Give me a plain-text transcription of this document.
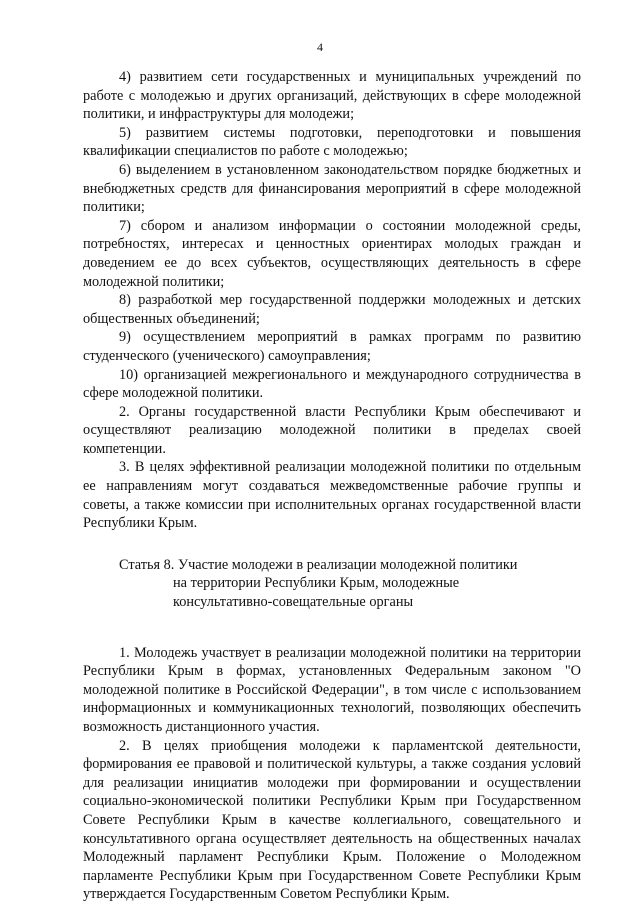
4

4) развитием сети государственных и муниципальных учреждений по работе с молодежью и других организаций, действующих в сфере молодежной политики, и инфраструктуры для молодежи;

5) развитием системы подготовки, переподготовки и повышения квалификации специалистов по работе с молодежью;

6) выделением в установленном законодательством порядке бюджетных и внебюджетных средств для финансирования мероприятий в сфере молодежной политики;

7) сбором и анализом информации о состоянии молодежной среды, потребностях, интересах и ценностных ориентирах молодых граждан и доведением ее до всех субъектов, осуществляющих деятельность в сфере молодежной политики;

8) разработкой мер государственной поддержки молодежных и детских общественных объединений;

9) осуществлением мероприятий в рамках программ по развитию студенческого (ученического) самоуправления;

10) организацией межрегионального и международного сотрудничества в сфере молодежной политики.

2. Органы государственной власти Республики Крым обеспечивают и осуществляют реализацию молодежной политики в пределах своей компетенции.

3. В целях эффективной реализации молодежной политики по отдельным ее направлениям могут создаваться межведомственные рабочие группы и советы, а также комиссии при исполнительных органах государственной власти Республики Крым.

Статья 8. Участие молодежи в реализации молодежной политики
на территории Республики Крым, молодежные
консультативно-совещательные органы

1. Молодежь участвует в реализации молодежной политики на территории Республики Крым в формах, установленных Федеральным законом "О молодежной политике в Российской Федерации", в том числе с использованием информационных и коммуникационных технологий, позволяющих обеспечить возможность дистанционного участия.

2. В целях приобщения молодежи к парламентской деятельности, формирования ее правовой и политической культуры, а также создания условий для реализации инициатив молодежи при формировании и осуществлении социально-экономической политики Республики Крым при Государственном Совете Республики Крым в качестве коллегиального, совещательного и консультативного органа осуществляет деятельность на общественных началах Молодежный парламент Республики Крым. Положение о Молодежном парламенте Республики Крым при Государственном Совете Республики Крым утверждается Государственным Советом Республики Крым.
